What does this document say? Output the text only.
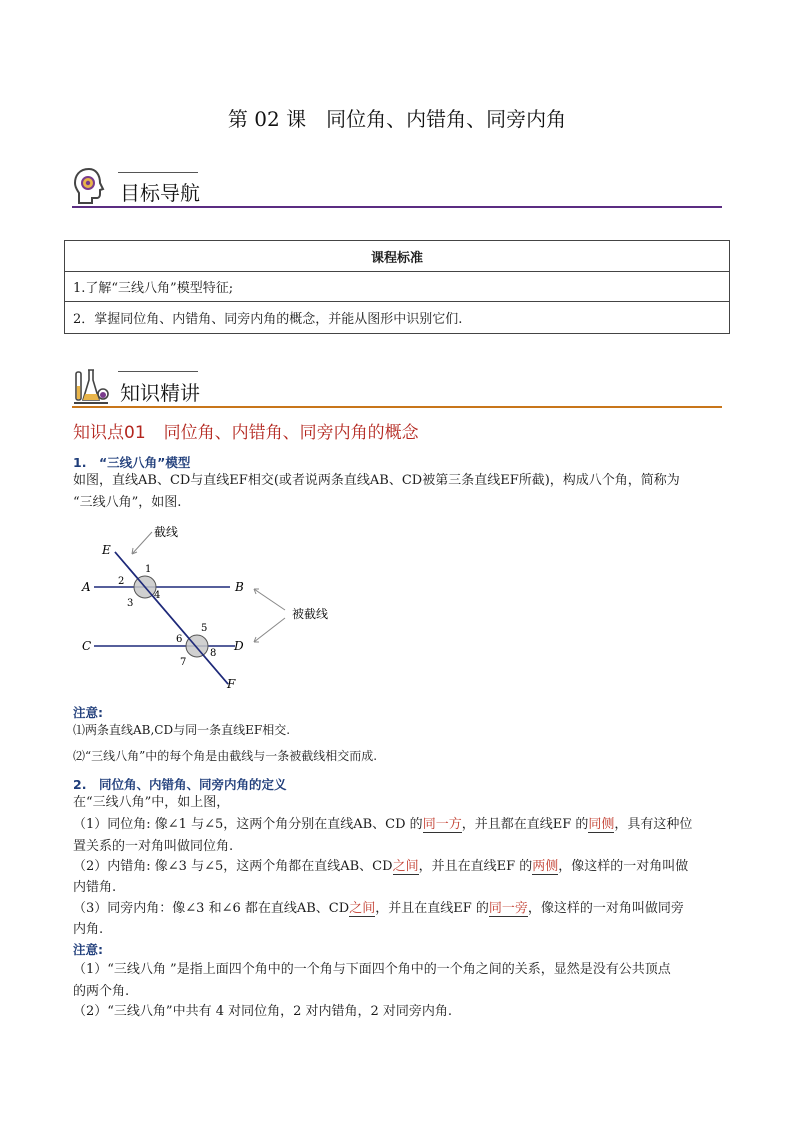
第 02 课　同位角、内错角、同旁内角
目标导航
课程标准
1.了解“三线八角”模型特征;
2．掌握同位角、内错角、同旁内角的概念，并能从图形中识别它们.
知识精讲
知识点01 同位角、内错角、同旁内角的概念
1.　“三线八角”模型
如图，直线AB、CD与直线EF相交(或者说两条直线AB、CD被第三条直线EF所截)，构成八个角，简称为
“三线八角”，如图.
截线
E
A	B
C	D
F
1
2
3
4
5
6
7
8
被截线
注意:
⑴两条直线AB,CD与同一条直线EF相交.
⑵“三线八角”中的每个角是由截线与一条被截线相交而成.
2.　同位角、内错角、同旁内角的定义
在“三线八角”中，如上图，
（1）同位角: 像∠1 与∠5，这两个角分别在直线AB、CD 的同一方，并且都在直线EF 的同侧，具有这种位
置关系的一对角叫做同位角.
（2）内错角: 像∠3 与∠5，这两个角都在直线AB、CD之间，并且在直线EF 的两侧，像这样的一对角叫做
内错角.
（3）同旁内角：像∠3 和∠6 都在直线AB、CD之间，并且在直线EF 的同一旁，像这样的一对角叫做同旁
内角.
注意:
（1）“三线八角 ”是指上面四个角中的一个角与下面四个角中的一个角之间的关系，显然是没有公共顶点
的两个角.
（2）“三线八角”中共有 4 对同位角，2 对内错角，2 对同旁内角.
